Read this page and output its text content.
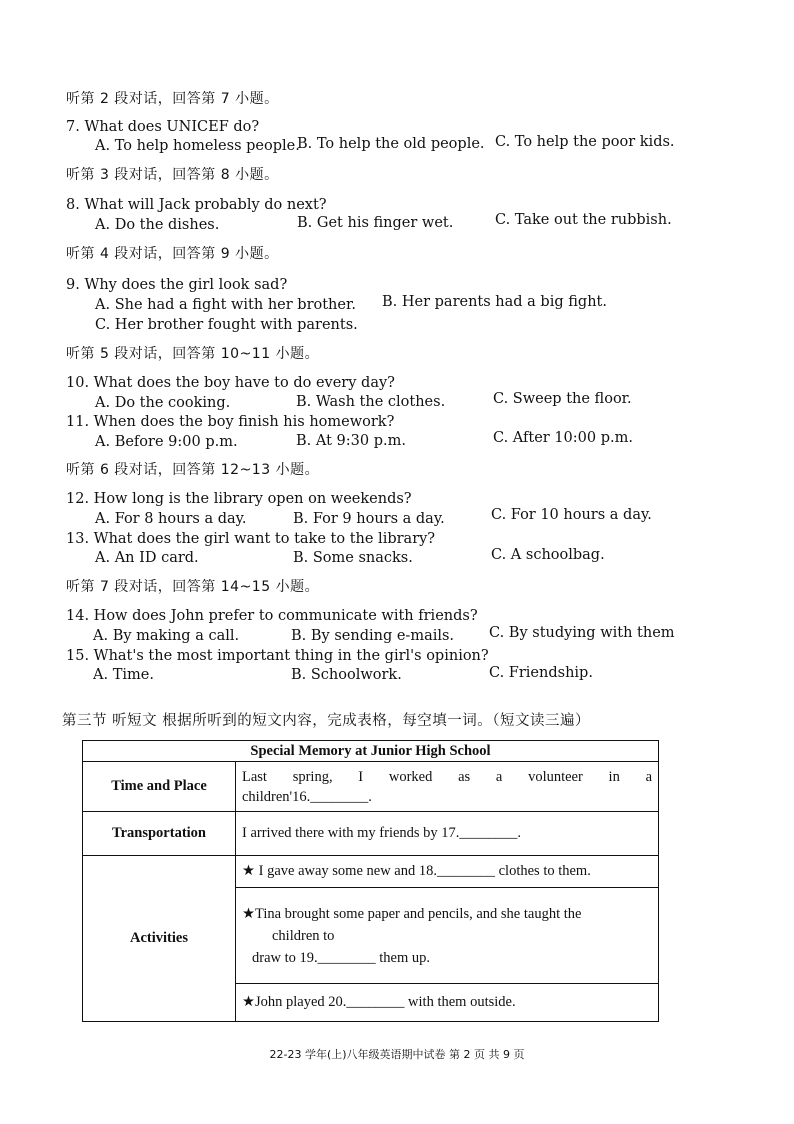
听第 2 段对话，回答第 7 小题。
7. What does UNICEF do?
A. To help homeless people.
B. To help the old people. C. To help the poor kids.
听第 3 段对话，回答第 8 小题。
8. What will Jack probably do next?
A. Do the dishes.	B. Get his finger wet.	C. Take out the rubbish.
听第 4 段对话，回答第 9 小题。
9. Why does the girl look sad?
A. She had a fight with her brother. B. Her parents had a big fight.
C. Her brother fought with parents.
听第 5 段对话，回答第 10~11 小题。
10. What does the boy have to do every day?
A. Do the cooking.	B. Wash the clothes.	C. Sweep the floor.
11. When does the boy finish his homework?
A. Before 9:00 p.m.	B. At 9:30 p.m.	C. After 10:00 p.m.
听第 6 段对话，回答第 12~13 小题。
12. How long is the library open on weekends?
A. For 8 hours a day.	B. For 9 hours a day.	C. For 10 hours a day.
13. What does the girl want to take to the library?
A. An ID card.	B. Some snacks.	C. A schoolbag.
听第 7 段对话，回答第 14~15 小题。
14. How does John prefer to communicate with friends?
A. By making a call.	B. By sending e-mails. C. By studying with them
15. What's the most important thing in the girl's opinion?
A. Time.	B. Schoolwork.	C. Friendship.
第三节 听短文 根据所听到的短文内容，完成表格，每空填一词。（短文读三遍）
Special Memory at Junior High School	
Time and Place	Last spring, I worked as a volunteer in a children'16.________.

Transportation	I arrived there with my friends by 17.________.
Activities	★ I gave away some new and 18.________ clothes to them.

	★Tina brought some paper and pencils, and she taught the
children to
draw to 19.________ them up.

	★John played 20.________ with them outside.
22-23 学年(上)八年级英语期中试卷 第 2 页 共 9 页
